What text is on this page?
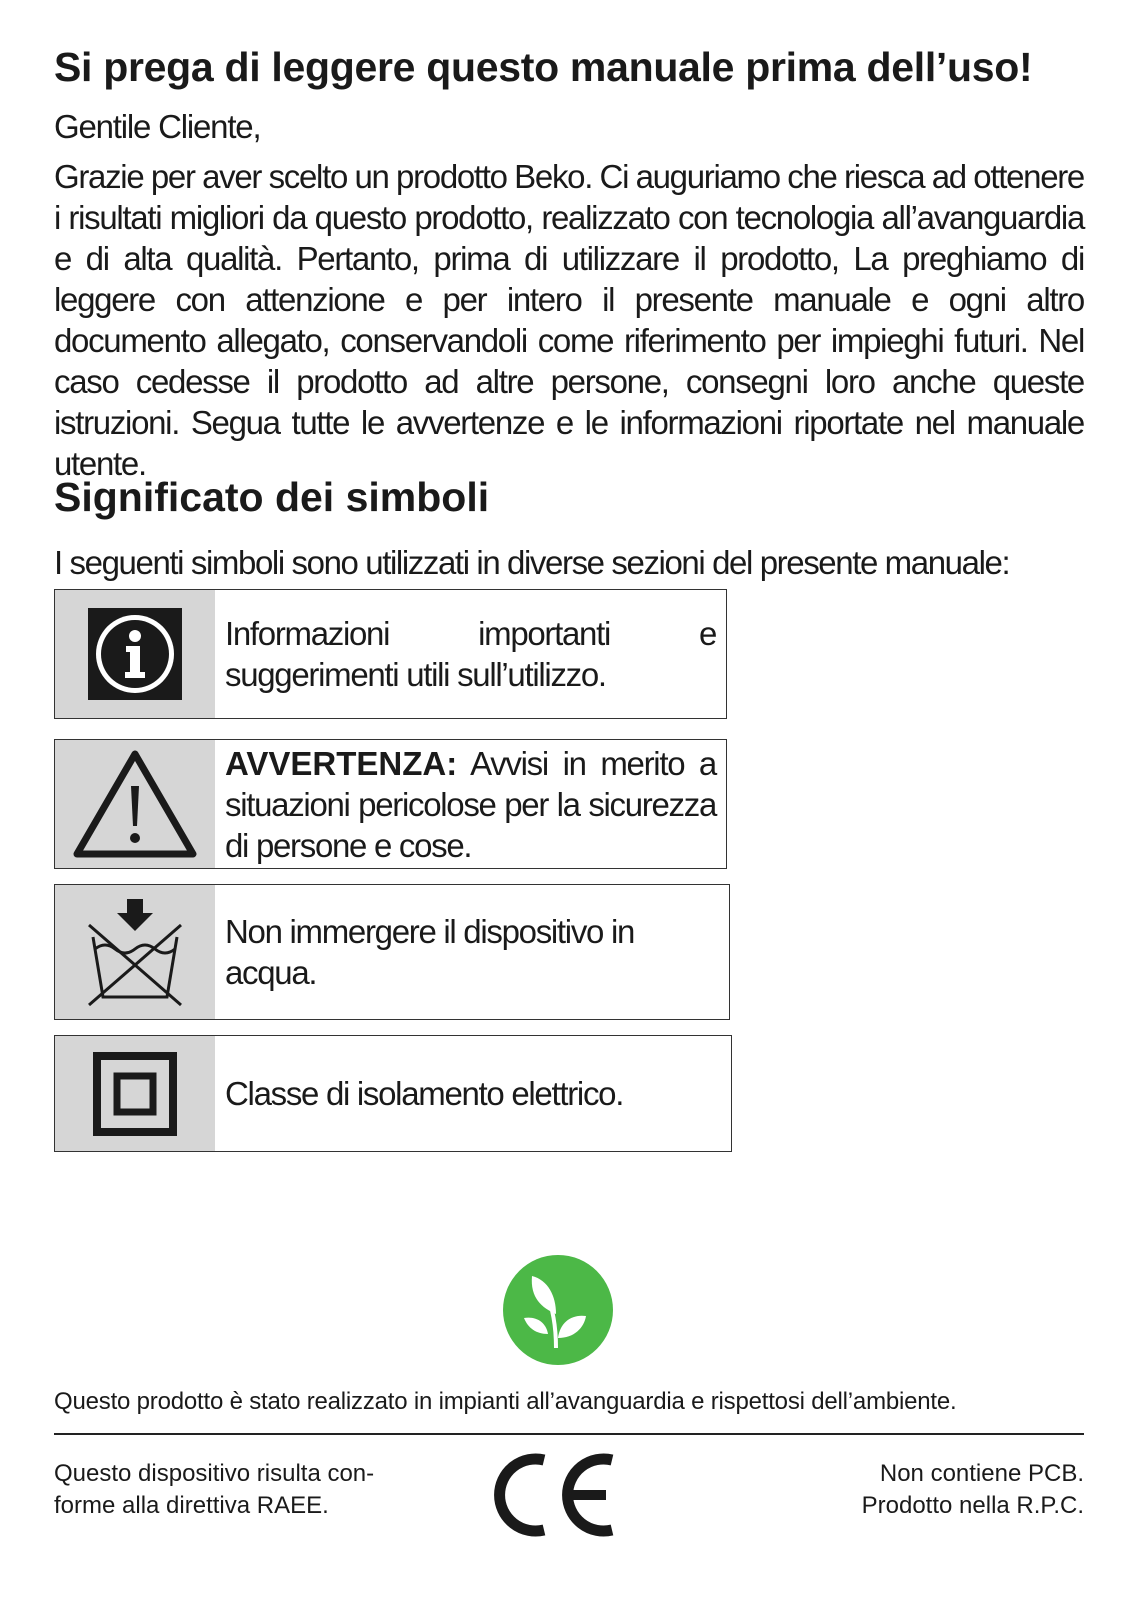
Si prega di leggere questo manuale prima dell’uso!
Gentile Cliente,

Grazie per aver scelto un prodotto Beko. Ci auguriamo che riesca ad ottenere i risultati migliori da questo prodotto, realizzato con tecnologia all’avanguardia e di alta qualità. Pertanto, prima di utilizzare il prodotto, La preghiamo di leggere con attenzione e per intero il presente manuale e ogni altro documento allegato, conservandoli come riferimento per impieghi futuri. Nel caso cedesse il prodotto ad altre persone, consegni loro anche queste istruzioni. Segua tutte le avvertenze e le informazioni riportate nel manuale utente.

Significato dei simboli
I seguenti simboli sono utilizzati in diverse sezioni del presente manuale:
Informazioni importanti e suggerimenti utili sull’utilizzo.
AVVERTENZA: Avvisi in merito a situazioni pericolose per la sicurezza di persone e cose.
Non immergere il dispositivo in acqua.
Classe di isolamento elettrico.
Questo prodotto è stato realizzato in impianti all’avanguardia e rispettosi dell’ambiente.
Questo dispositivo risulta con-
forme alla direttiva RAEE.
Non contiene PCB.
Prodotto nella R.P.C.
